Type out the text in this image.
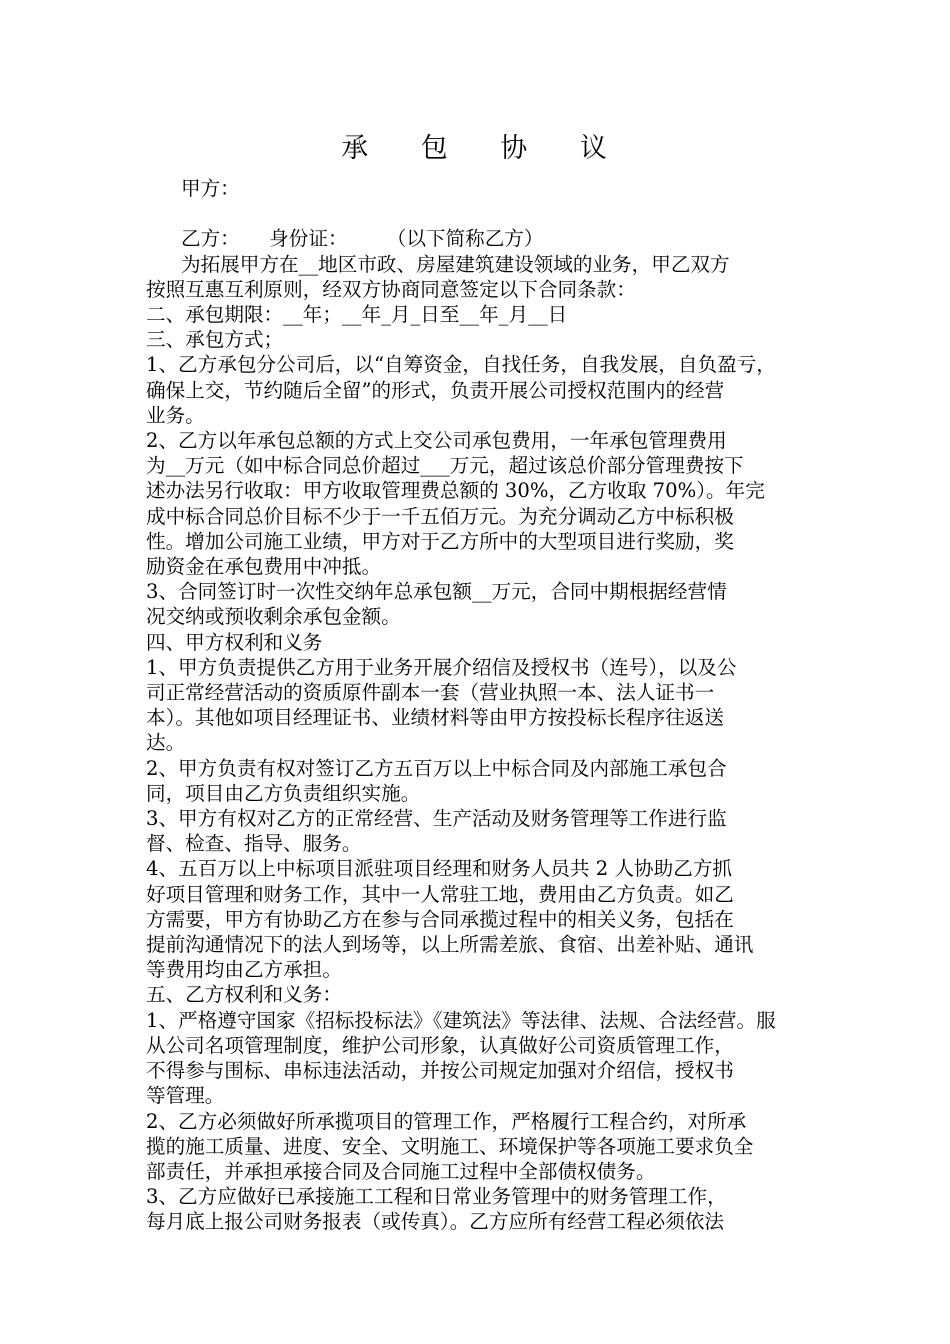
承 包 协 议
甲方：
乙方：　　身份证：　　　（以下简称乙方）
为拓展甲方在__地区市政、房屋建筑建设领域的业务，甲乙双方
按照互惠互利原则，经双方协商同意签定以下合同条款：
二、承包期限：__年；__年_月_日至__年_月__日
三、承包方式；
1、乙方承包分公司后，以“自筹资金，自找任务，自我发展，自负盈亏，
确保上交，节约随后全留”的形式，负责开展公司授权范围内的经营
业务。
2、乙方以年承包总额的方式上交公司承包费用，一年承包管理费用
为__万元（如中标合同总价超过___万元，超过该总价部分管理费按下
述办法另行收取：甲方收取管理费总额的 30%，乙方收取 70%）。年完
成中标合同总价目标不少于一千五佰万元。为充分调动乙方中标积极
性。增加公司施工业绩，甲方对于乙方所中的大型项目进行奖励，奖
励资金在承包费用中冲抵。
3、合同签订时一次性交纳年总承包额__万元，合同中期根据经营情
况交纳或预收剩余承包金额。
四、甲方权利和义务
1、甲方负责提供乙方用于业务开展介绍信及授权书（连号），以及公
司正常经营活动的资质原件副本一套（营业执照一本、法人证书一
本）。其他如项目经理证书、业绩材料等由甲方按投标长程序往返送
达。
2、甲方负责有权对签订乙方五百万以上中标合同及内部施工承包合
同，项目由乙方负责组织实施。
3、甲方有权对乙方的正常经营、生产活动及财务管理等工作进行监
督、检查、指导、服务。
4、五百万以上中标项目派驻项目经理和财务人员共 2 人协助乙方抓
好项目管理和财务工作，其中一人常驻工地，费用由乙方负责。如乙
方需要，甲方有协助乙方在参与合同承揽过程中的相关义务，包括在
提前沟通情况下的法人到场等，以上所需差旅、食宿、出差补贴、通讯
等费用均由乙方承担。
五、乙方权利和义务：
1、严格遵守国家《招标投标法》《建筑法》等法律、法规、合法经营。服
从公司名项管理制度，维护公司形象，认真做好公司资质管理工作，
不得参与围标、串标违法活动，并按公司规定加强对介绍信，授权书
等管理。
2、乙方必须做好所承揽项目的管理工作，严格履行工程合约，对所承
揽的施工质量、进度、安全、文明施工、环境保护等各项施工要求负全
部责任，并承担承接合同及合同施工过程中全部债权债务。
3、乙方应做好已承接施工工程和日常业务管理中的财务管理工作，
每月底上报公司财务报表（或传真）。乙方应所有经营工程必须依法
